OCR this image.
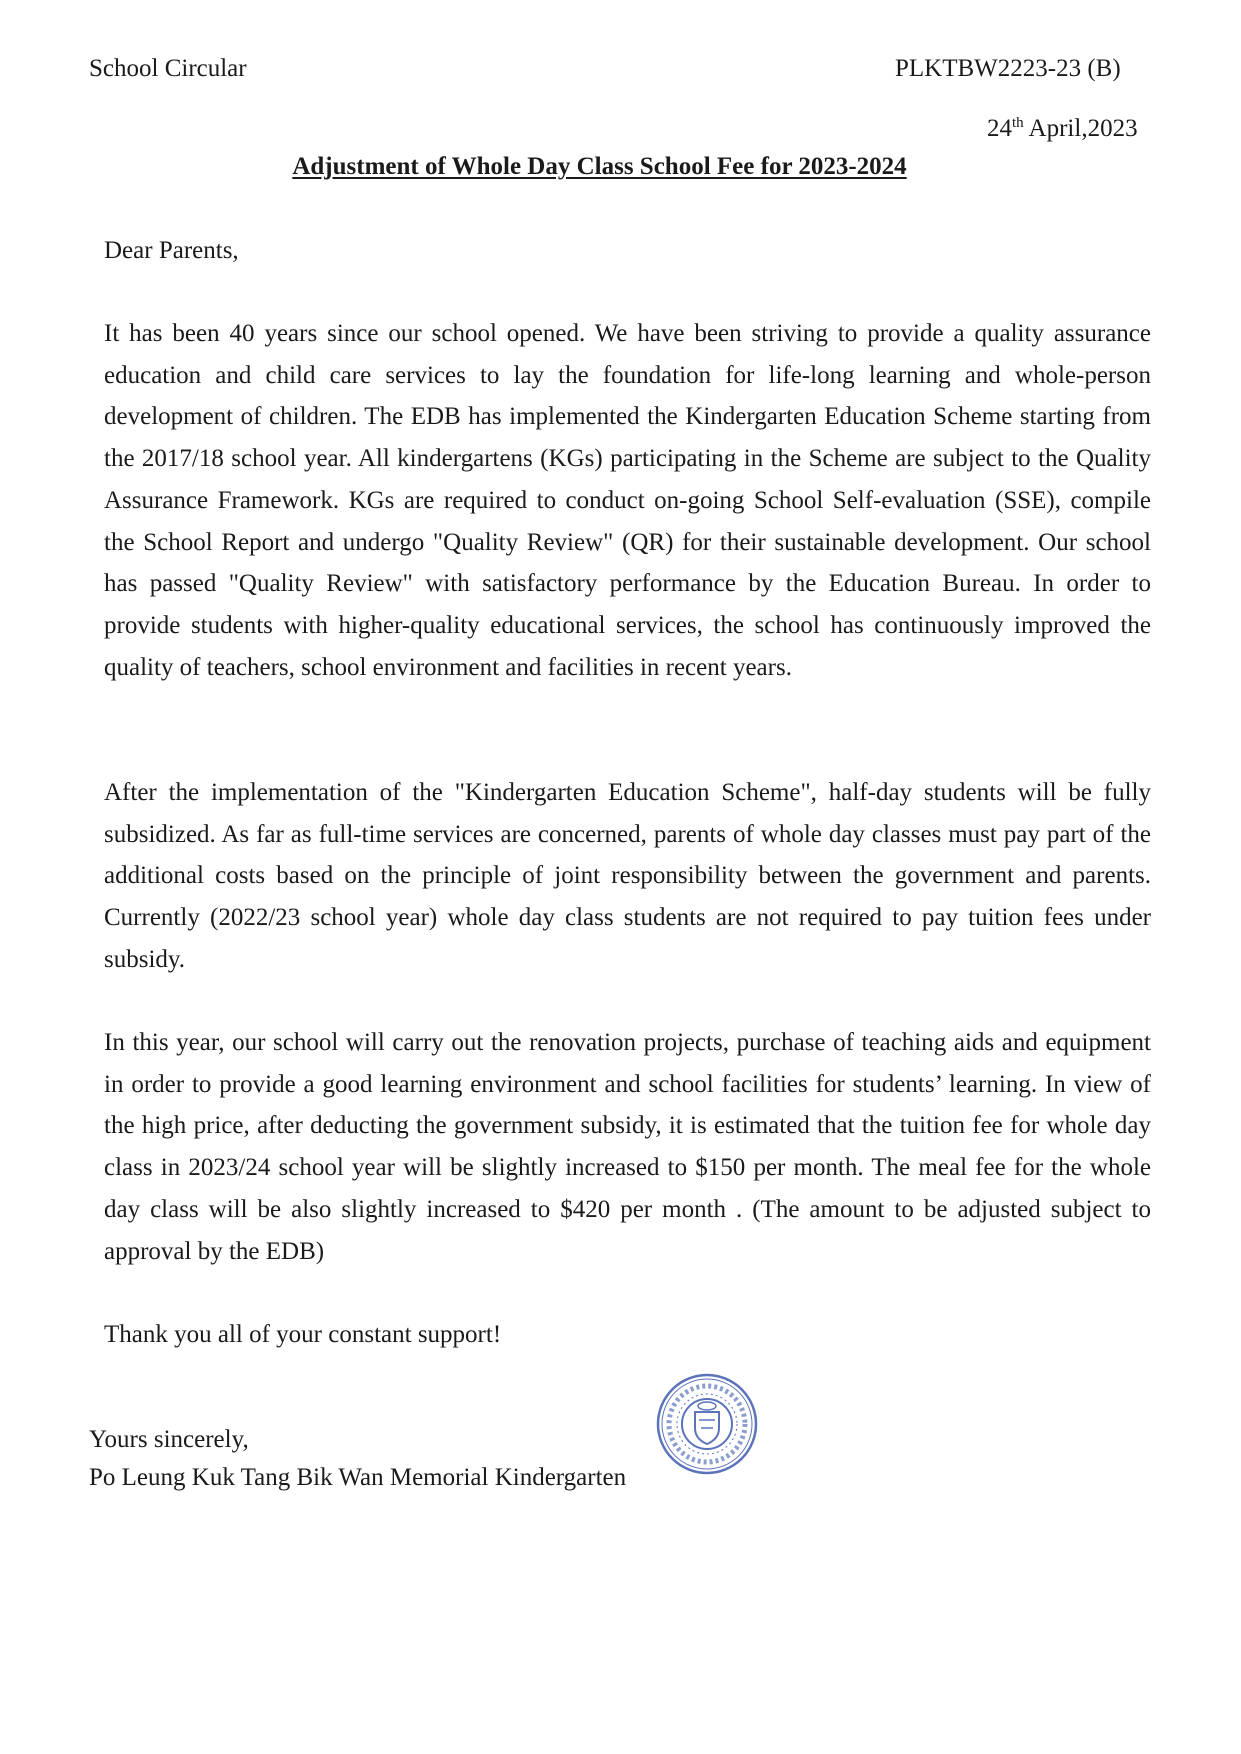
School Circular	PLKTBW2223-23 (B)
24th April,2023
Adjustment of Whole Day Class School Fee for 2023-2024
Dear Parents,
It has been 40 years since our school opened. We have been striving to provide a quality assurance education and child care services to lay the foundation for life-long learning and whole-person development of children. The EDB has implemented the Kindergarten Education Scheme starting from the 2017/18 school year. All kindergartens (KGs) participating in the Scheme are subject to the Quality Assurance Framework. KGs are required to conduct on-going School Self-evaluation (SSE), compile the School Report and undergo "Quality Review" (QR) for their sustainable development. Our school has passed "Quality Review" with satisfactory performance by the Education Bureau. In order to provide students with higher-quality educational services, the school has continuously improved the quality of teachers, school environment and facilities in recent years.
After the implementation of the "Kindergarten Education Scheme", half-day students will be fully subsidized. As far as full-time services are concerned, parents of whole day classes must pay part of the additional costs based on the principle of joint responsibility between the government and parents. Currently (2022/23 school year) whole day class students are not required to pay tuition fees under subsidy.
In this year, our school will carry out the renovation projects, purchase of teaching aids and equipment in order to provide a good learning environment and school facilities for students’ learning. In view of the high price, after deducting the government subsidy, it is estimated that the tuition fee for whole day class in 2023/24 school year will be slightly increased to $150 per month. The meal fee for the whole day class will be also slightly increased to $420 per month . (The amount to be adjusted subject to approval by the EDB)
Thank you all of your constant support!
Yours sincerely,
Po Leung Kuk Tang Bik Wan Memorial Kindergarten
